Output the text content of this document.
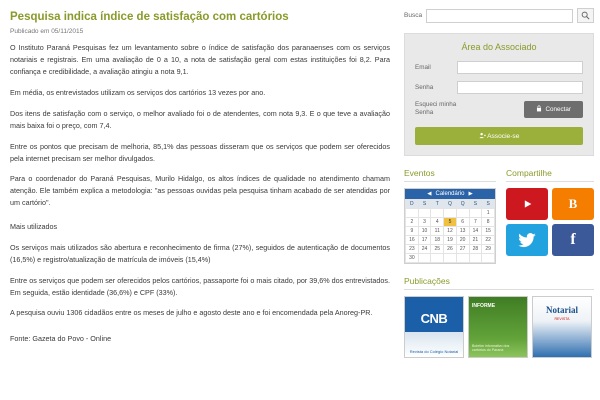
Pesquisa indica índice de satisfação com cartórios
Publicado em 05/11/2015

O Instituto Paraná Pesquisas fez um levantamento sobre o índice de satisfação dos paranaenses com os serviços notariais e registrais. Em uma avaliação de 0 a 10, a nota de satisfação geral com estas instituições foi 8,2. Para confiança e credibilidade, a avaliação atingiu a nota 9,1.

Em média, os entrevistados utilizam os serviços dos cartórios 13 vezes por ano.

Dos itens de satisfação com o serviço, o melhor avaliado foi o de atendentes, com nota 9,3. E o que teve a avaliação mais baixa foi o preço, com 7,4.

Entre os pontos que precisam de melhoria, 85,1% das pessoas disseram que os serviços que podem ser oferecidos pela internet precisam ser melhor divulgados.

Para o coordenador do Paraná Pesquisas, Murilo Hidalgo, os altos índices de qualidade no atendimento chamam atenção. Ele também explica a metodologia: "as pessoas ouvidas pela pesquisa tinham acabado de ser atendidas por um cartório".

Mais utilizados

Os serviços mais utilizados são abertura e reconhecimento de firma (27%), seguidos de autenticação de documentos (16,5%) e registro/atualização de matrícula de imóveis (15,4%)

Entre os serviços que podem ser oferecidos pelos cartórios, passaporte foi o mais citado, por 39,6% dos entrevistados. Em seguida, estão identidade (36,6%) e CPF (33%).

A pesquisa ouviu 1306 cidadãos entre os meses de julho e agosto deste ano e foi encomendada pela Anoreg-PR.

Fonte: Gazeta do Povo - Online

Busca
Área do Associado
Email
Senha
Esqueci minha Senha	Conectar
Associe-se
Eventos
◀ Calendário ▶
D	S	T	Q	Q	S	S
						1
2	3	4	5	6	7	8
9	10	11	12	13	14	15
16	17	18	19	20	21	22
23	24	25	26	27	28	29
30						
Compartilhe
B
f
Publicações
CNB
Revista do Colégio Notarial
INFORME
Boletim informativo dos cartórios do Paraná
Notarial
REVISTA
